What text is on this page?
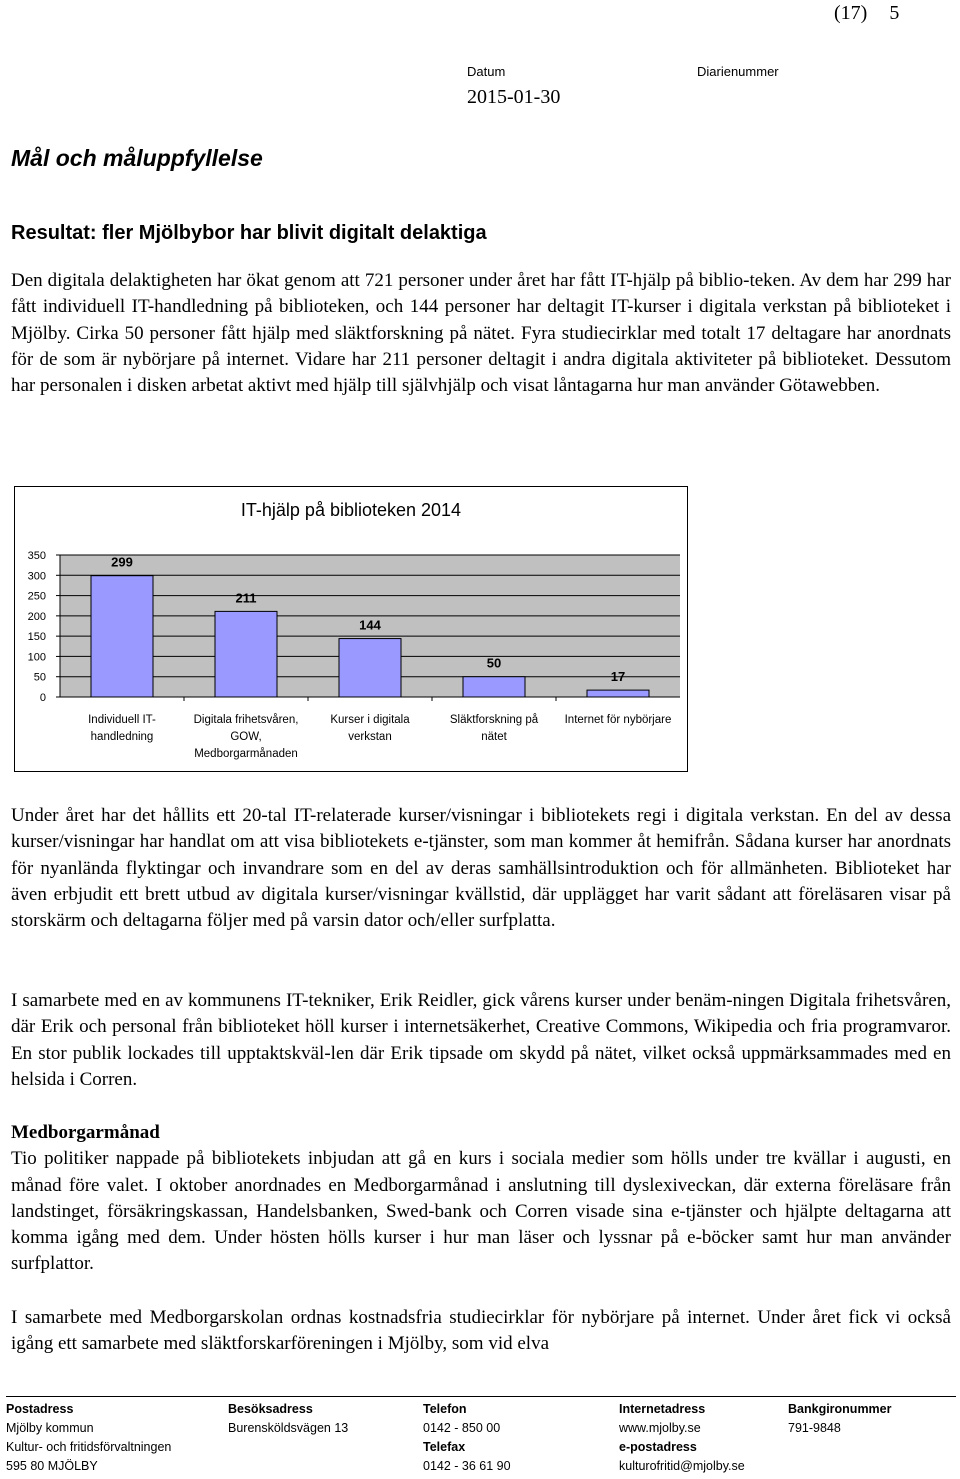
(17) 5
Datum	Diarienummer
2015-01-30
Mål och måluppfyllelse
Resultat: fler Mjölbybor har blivit digitalt delaktiga

Den digitala delaktigheten har ökat genom att 721 personer under året har fått IT-hjälp på biblio-teken. Av dem har 299 har fått individuell IT-handledning på biblioteken, och 144 personer har deltagit IT-kurser i digitala verkstan på biblioteket i Mjölby. Cirka 50 personer fått hjälp med släktforskning på nätet. Fyra studiecirklar med totalt 17 deltagare har anordnats för de som är nybörjare på internet. Vidare har 211 personer deltagit i andra digitala aktiviteter på biblioteket. Dessutom har personalen i disken arbetat aktivt med hjälp till självhjälp och visat låntagarna hur man använder Götawebben.

IT-hjälp på biblioteken 2014
0
50
100
150
200
250
300
350	299
Individuell IT-
handledning
211
Digitala frihetsvåren,
GOW,
Medborgarmånaden
144
Kurser i digitala
verkstan
50
Släktforskning på
nätet
17
Internet för nybörjare

Under året har det hållits ett 20-tal IT-relaterade kurser/visningar i bibliotekets regi i digitala verkstan. En del av dessa kurser/visningar har handlat om att visa bibliotekets e-tjänster, som man kommer åt hemifrån. Sådana kurser har anordnats för nyanlända flyktingar och invandrare som en del av deras samhällsintroduktion och för allmänheten. Biblioteket har även erbjudit ett brett utbud av digitala kurser/visningar kvällstid, där upplägget har varit sådant att föreläsaren visar på storskärm och deltagarna följer med på varsin dator och/eller surfplatta.

I samarbete med en av kommunens IT-tekniker, Erik Reidler, gick vårens kurser under benäm-ningen Digitala frihetsvåren, där Erik och personal från biblioteket höll kurser i internetsäkerhet, Creative Commons, Wikipedia och fria programvaror. En stor publik lockades till upptaktskväl-len där Erik tipsade om skydd på nätet, vilket också uppmärksammades med en helsida i Corren.

Medborgarmånad

Tio politiker nappade på bibliotekets inbjudan att gå en kurs i sociala medier som hölls under tre kvällar i augusti, en månad före valet. I oktober anordnades en Medborgarmånad i anslutning till dyslexiveckan, där externa föreläsare från landstinget, försäkringskassan, Handelsbanken, Swed-bank och Corren visade sina e-tjänster och hjälpte deltagarna att komma igång med dem. Under hösten hölls kurser i hur man läser och lyssnar på e-böcker samt hur man använder surfplattor.

I samarbete med Medborgarskolan ordnas kostnadsfria studiecirklar för nybörjare på internet. Under året fick vi också igång ett samarbete med släktforskarföreningen i Mjölby, som vid elva

Postadress
Mjölby kommun
Kultur- och fritidsförvaltningen
595 80 MJÖLBY
Besöksadress
Burensköldsvägen 13
Telefon
0142 - 850 00
Telefax
0142 - 36 61 90
Internetadress
www.mjolby.se
e-postadress
kulturofritid@mjolby.se
Bankgironummer
791-9848
